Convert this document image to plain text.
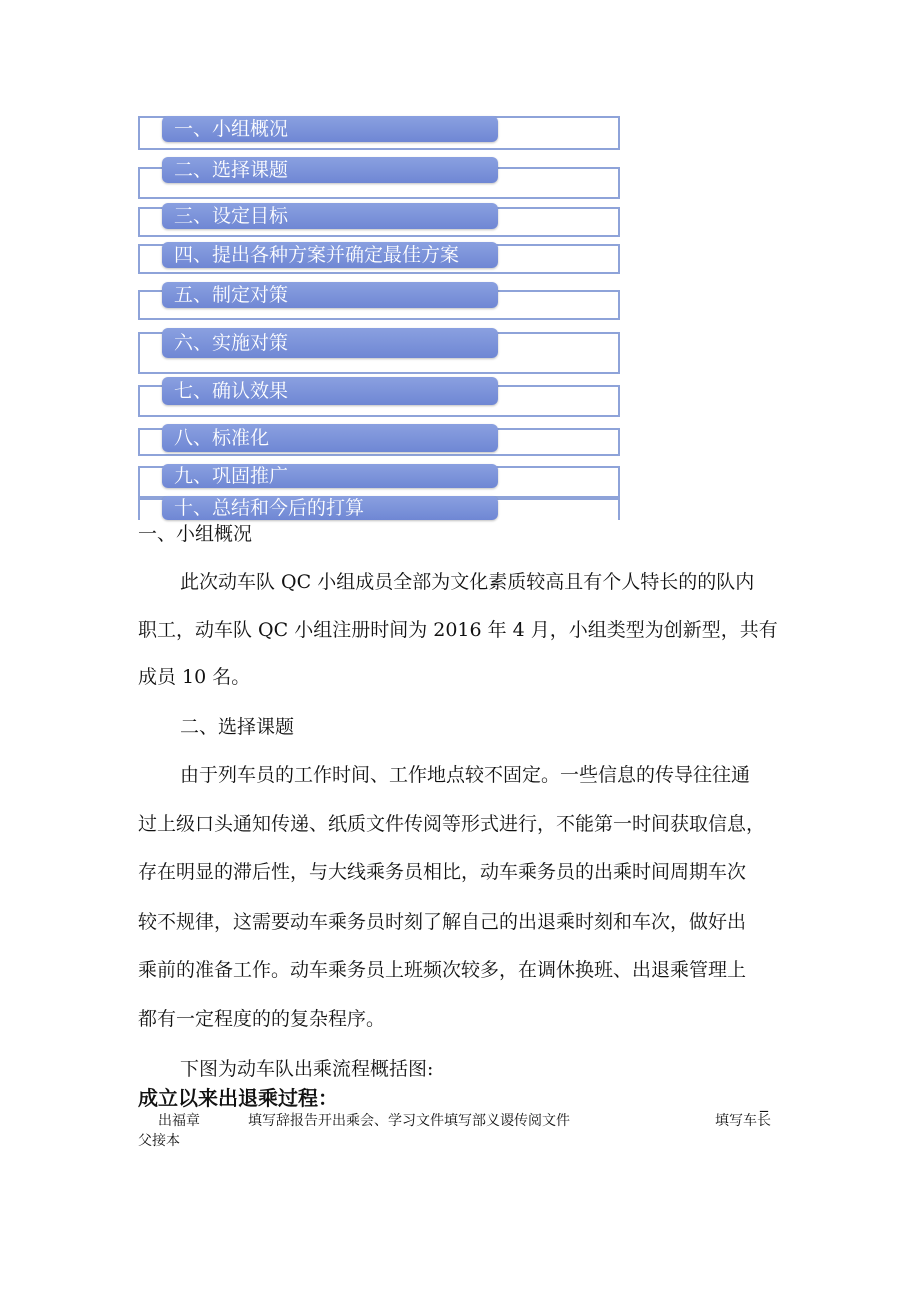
一、小组概况
二、选择课题
三、设定目标
四、提出各种方案并确定最佳方案
五、制定对策
六、实施对策
七、确认效果
八、标准化
九、巩固推广
十、总结和今后的打算
一、小组概况
此次动车队 QC 小组成员全部为文化素质较高且有个人特长的的队内
职工，动车队 QC 小组注册时间为 2016 年 4 月，小组类型为创新型，共有
成员 10 名。
二、选择课题
由于列车员的工作时间、工作地点较不固定。一些信息的传导往往通
过上级口头通知传递、纸质文件传阅等形式进行，不能第一时间获取信息，
存在明显的滞后性，与大线乘务员相比，动车乘务员的出乘时间周期车次
较不规律，这需要动车乘务员时刻了解自己的出退乘时刻和车次，做好出
乘前的准备工作。动车乘务员上班频次较多，在调休换班、出退乘管理上
都有一定程度的的复杂程序。
下图为动车队出乘流程概括图:
成立以来出退乘过程：	_
出福章	填写辞报告开出乘会、学习文件填写部义谡传阅文件	填写车长
父接本
